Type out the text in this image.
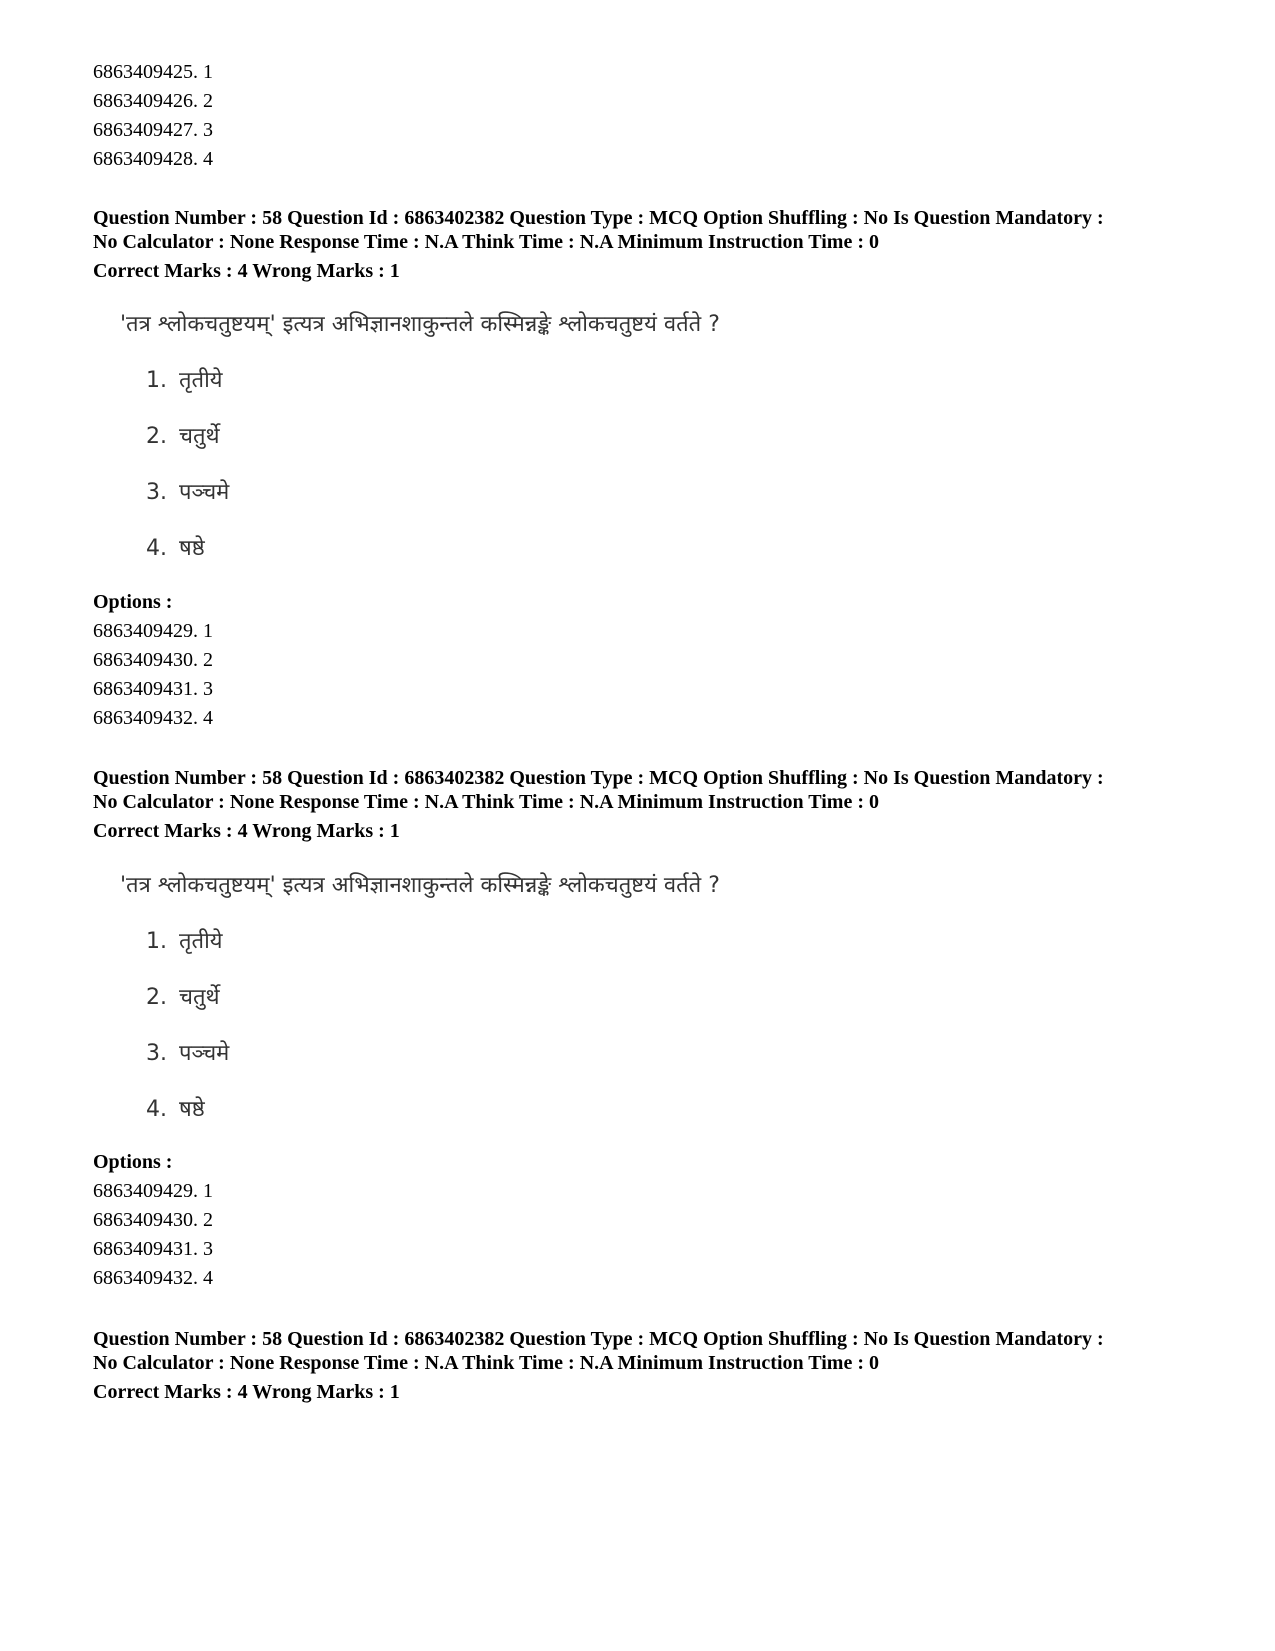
6863409425. 1
6863409426. 2
6863409427. 3
6863409428. 4
Question Number : 58 Question Id : 6863402382 Question Type : MCQ Option Shuffling : No Is Question Mandatory :
No Calculator : None Response Time : N.A Think Time : N.A Minimum Instruction Time : 0
Correct Marks : 4 Wrong Marks : 1
'तत्र श्लोकचतुष्टयम्' इत्यत्र अभिज्ञानशाकुन्तले कस्मिन्नङ्के श्लोकचतुष्टयं वर्तते ?
1. तृतीये
2. चतुर्थे
3. पञ्चमे
4. षष्ठे
Options :
6863409429. 1
6863409430. 2
6863409431. 3
6863409432. 4
Question Number : 58 Question Id : 6863402382 Question Type : MCQ Option Shuffling : No Is Question Mandatory :
No Calculator : None Response Time : N.A Think Time : N.A Minimum Instruction Time : 0
Correct Marks : 4 Wrong Marks : 1
'तत्र श्लोकचतुष्टयम्' इत्यत्र अभिज्ञानशाकुन्तले कस्मिन्नङ्के श्लोकचतुष्टयं वर्तते ?
1. तृतीये
2. चतुर्थे
3. पञ्चमे
4. षष्ठे
Options :
6863409429. 1
6863409430. 2
6863409431. 3
6863409432. 4
Question Number : 58 Question Id : 6863402382 Question Type : MCQ Option Shuffling : No Is Question Mandatory :
No Calculator : None Response Time : N.A Think Time : N.A Minimum Instruction Time : 0
Correct Marks : 4 Wrong Marks : 1
